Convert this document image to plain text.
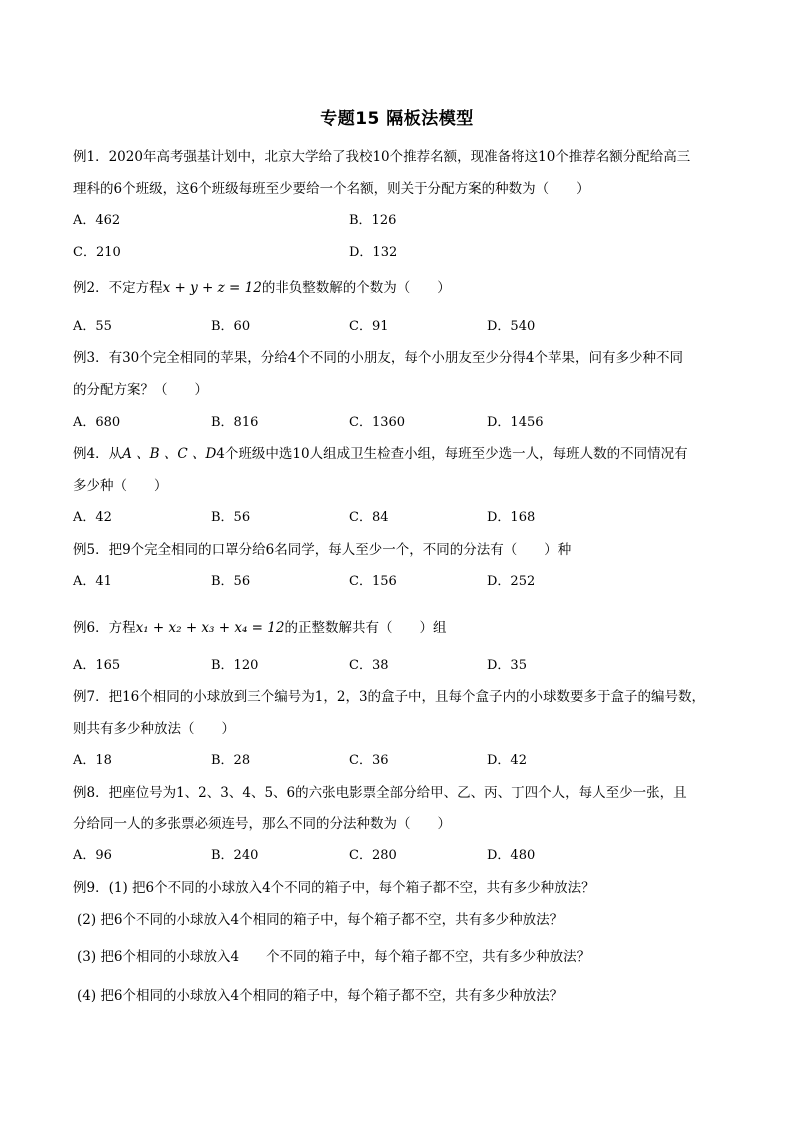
专题15 隔板法模型
例1．2020年高考强基计划中，北京大学给了我校10个推荐名额，现准备将这10个推荐名额分配给高三
理科的6个班级，这6个班级每班至少要给一个名额，则关于分配方案的种数为（　　）
A．462	B．126
C．210	D．132
例2．不定方程x + y + z = 12的非负整数解的个数为（　　）
A．55	B．60	C．91	D．540
例3．有30个完全相同的苹果，分给4个不同的小朋友，每个小朋友至少分得4个苹果，问有多少种不同
的分配方案？（　　）
A．680	B．816	C．1360	D．1456
例4．从A 、B 、C 、D4个班级中选10人组成卫生检查小组，每班至少选一人，每班人数的不同情况有
多少种（　　）
A．42	B．56	C．84	D．168
例5．把9个完全相同的口罩分给6名同学，每人至少一个，不同的分法有（　　）种
A．41	B．56	C．156	D．252
例6．方程x₁ + x₂ + x₃ + x₄ = 12的正整数解共有（　　）组
A．165	B．120	C．38	D．35
例7．把16个相同的小球放到三个编号为1，2，3的盒子中，且每个盒子内的小球数要多于盒子的编号数，
则共有多少种放法（　　）
A．18	B．28	C．36	D．42
例8．把座位号为1、2、3、4、5、6的六张电影票全部分给甲、乙、丙、丁四个人，每人至少一张，且
分给同一人的多张票必须连号，那么不同的分法种数为（　　）
A．96	B．240	C．280	D．480
例9．(1) 把6个不同的小球放入4个不同的箱子中，每个箱子都不空，共有多少种放法？
(2) 把6个不同的小球放入4个相同的箱子中，每个箱子都不空，共有多少种放法？
(3) 把6个相同的小球放入4　　个不同的箱子中，每个箱子都不空，共有多少种放法？
(4) 把6个相同的小球放入4个相同的箱子中，每个箱子都不空，共有多少种放法？
